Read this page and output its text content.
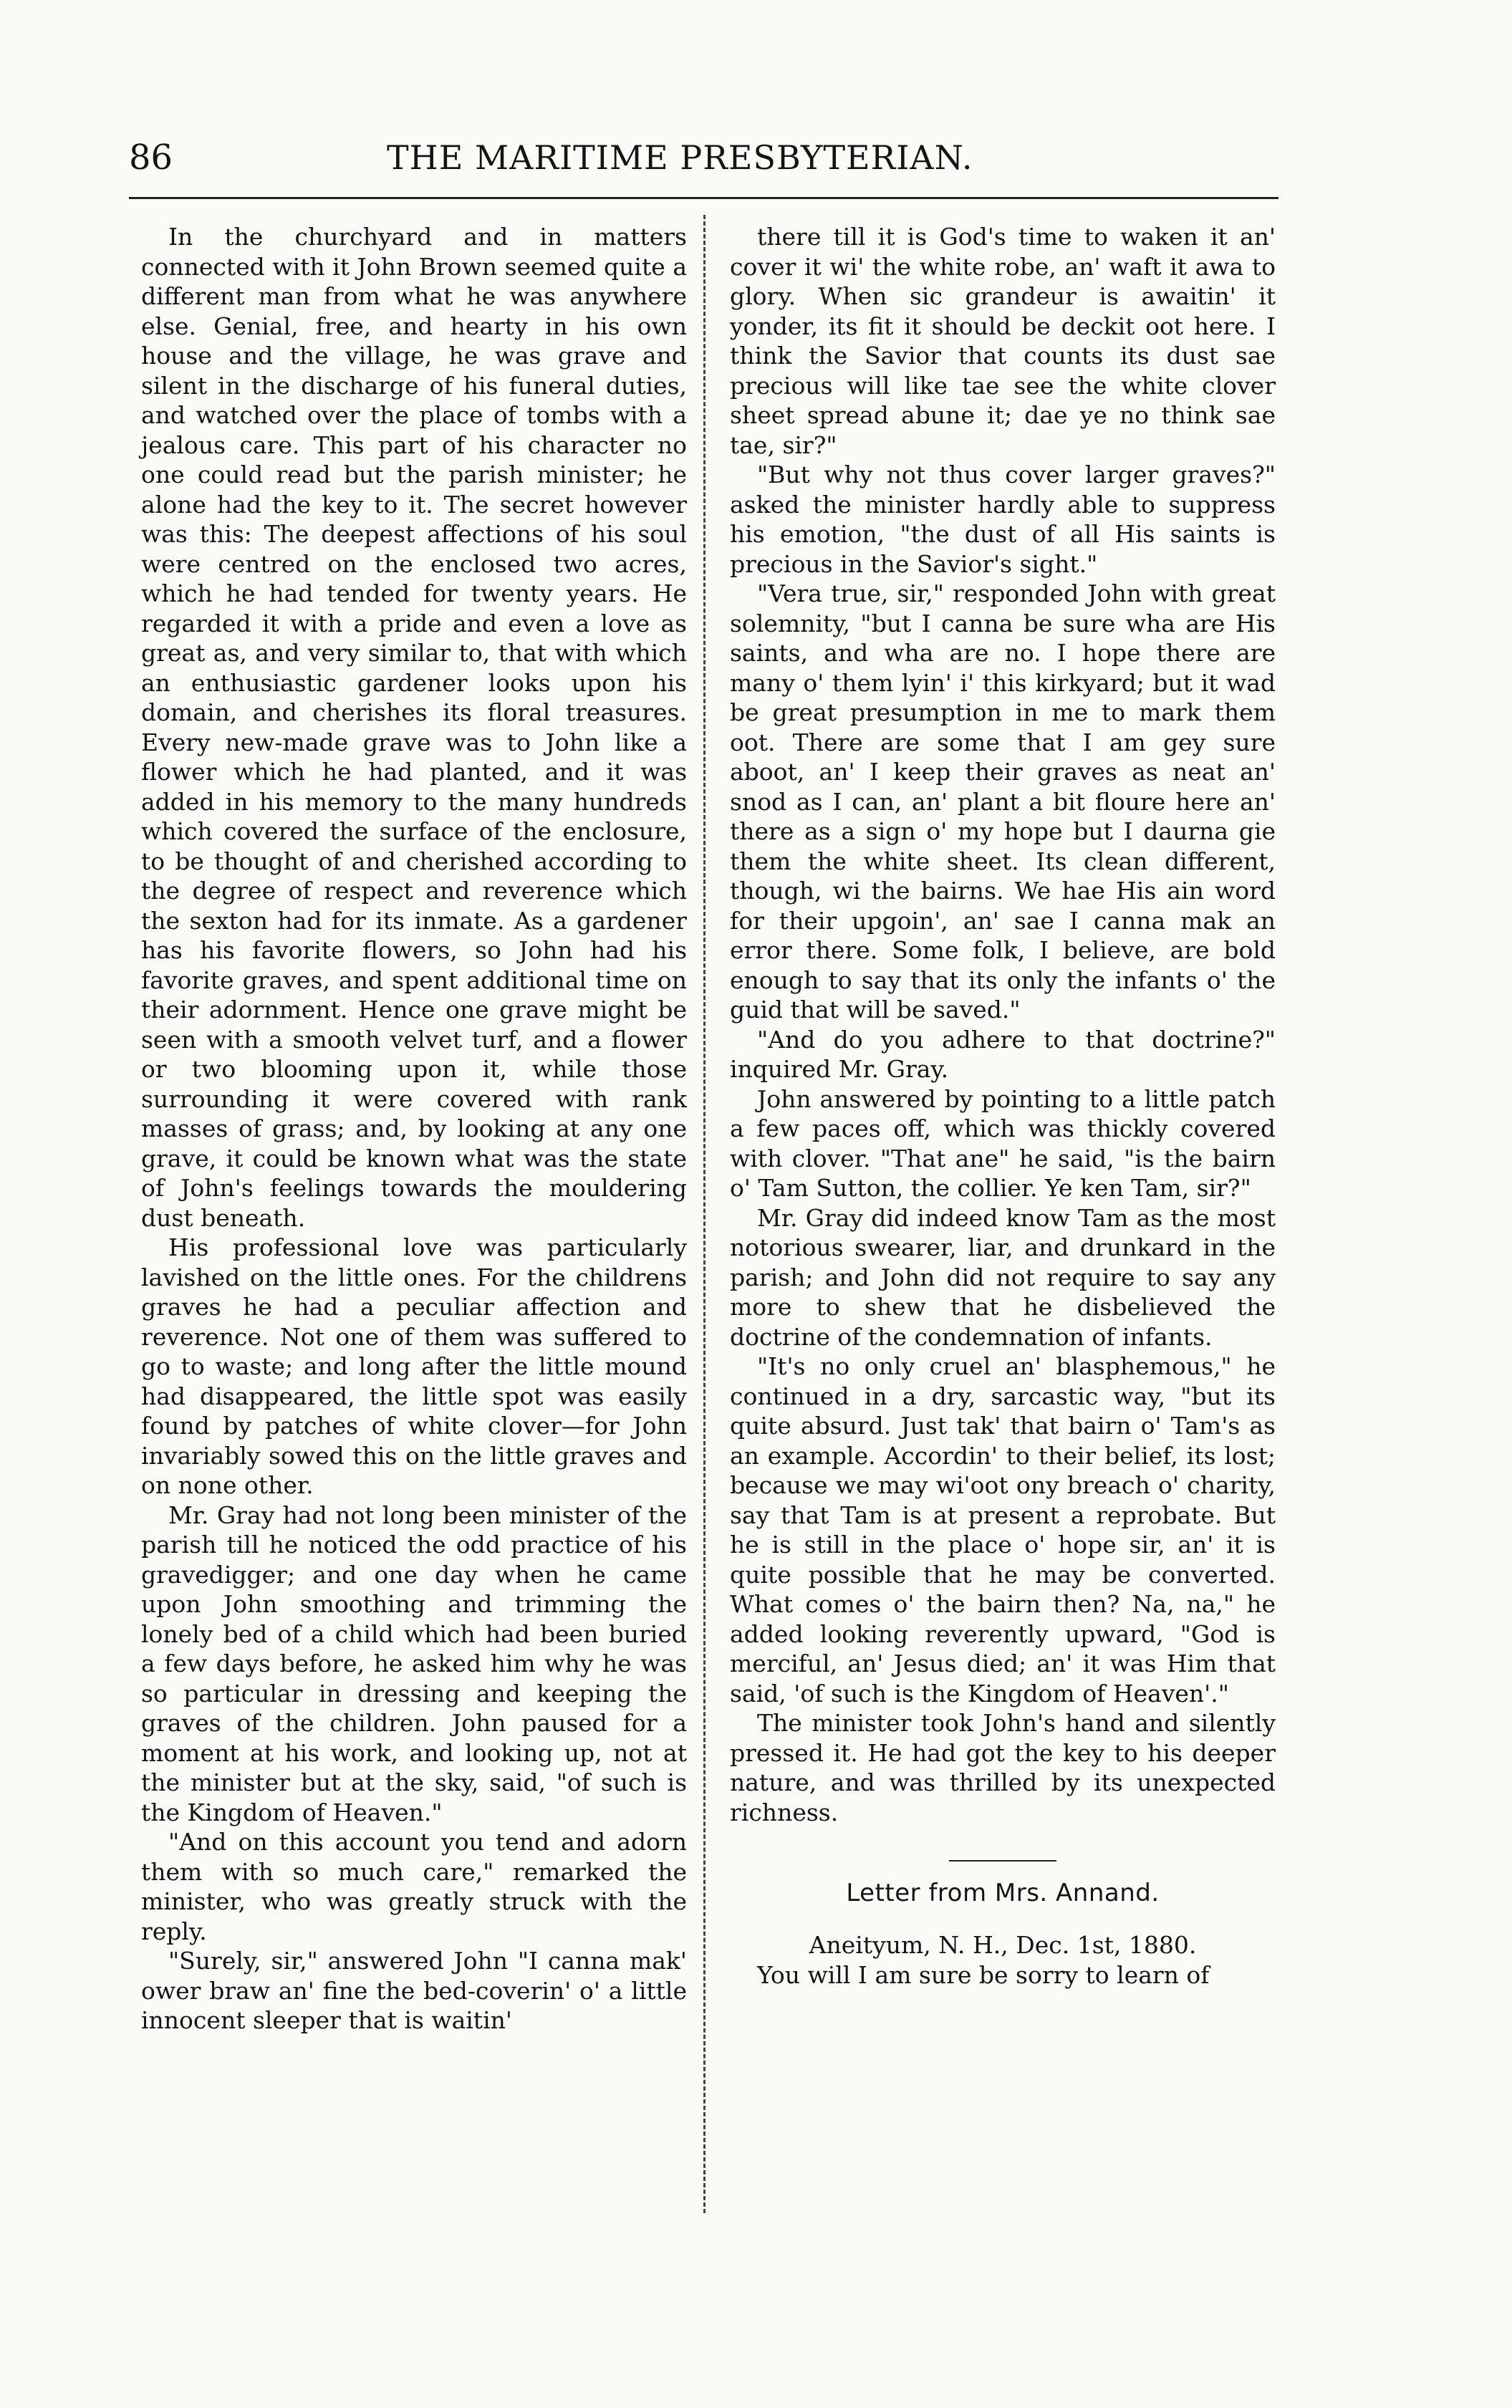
86	THE MARITIME PRESBYTERIAN.

In the churchyard and in matters connected with it John Brown seemed quite a different man from what he was anywhere else. Genial, free, and hearty in his own house and the village, he was grave and silent in the discharge of his funeral duties, and watched over the place of tombs with a jealous care. This part of his character no one could read but the parish minister; he alone had the key to it. The secret however was this: The deepest affections of his soul were centred on the enclosed two acres, which he had tended for twenty years. He regarded it with a pride and even a love as great as, and very similar to, that with which an enthusiastic gardener looks upon his domain, and cherishes its floral treasures. Every new-made grave was to John like a flower which he had planted, and it was added in his memory to the many hundreds which covered the surface of the enclosure, to be thought of and cherished according to the degree of respect and reverence which the sexton had for its inmate. As a gardener has his favorite flowers, so John had his favorite graves, and spent additional time on their adornment. Hence one grave might be seen with a smooth velvet turf, and a flower or two blooming upon it, while those surrounding it were covered with rank masses of grass; and, by looking at any one grave, it could be known what was the state of John's feelings towards the mouldering dust beneath.

His professional love was particularly lavished on the little ones. For the childrens graves he had a peculiar affection and reverence. Not one of them was suffered to go to waste; and long after the little mound had disappeared, the little spot was easily found by patches of white clover—for John invariably sowed this on the little graves and on none other.

Mr. Gray had not long been minister of the parish till he noticed the odd practice of his gravedigger; and one day when he came upon John smoothing and trimming the lonely bed of a child which had been buried a few days before, he asked him why he was so particular in dressing and keeping the graves of the children. John paused for a moment at his work, and looking up, not at the minister but at the sky, said, "of such is the Kingdom of Heaven."

"And on this account you tend and adorn them with so much care," remarked the minister, who was greatly struck with the reply.

"Surely, sir," answered John "I canna mak' ower braw an' fine the bed-coverin' o' a little innocent sleeper that is waitin'

there till it is God's time to waken it an' cover it wi' the white robe, an' waft it awa to glory. When sic grandeur is awaitin' it yonder, its fit it should be deckit oot here. I think the Savior that counts its dust sae precious will like tae see the white clover sheet spread abune it; dae ye no think sae tae, sir?"

"But why not thus cover larger graves?" asked the minister hardly able to suppress his emotion, "the dust of all His saints is precious in the Savior's sight."

"Vera true, sir," responded John with great solemnity, "but I canna be sure wha are His saints, and wha are no. I hope there are many o' them lyin' i' this kirkyard; but it wad be great presumption in me to mark them oot. There are some that I am gey sure aboot, an' I keep their graves as neat an' snod as I can, an' plant a bit floure here an' there as a sign o' my hope but I daurna gie them the white sheet. Its clean different, though, wi the bairns. We hae His ain word for their upgoin', an' sae I canna mak an error there. Some folk, I believe, are bold enough to say that its only the infants o' the guid that will be saved."

"And do you adhere to that doctrine?" inquired Mr. Gray.

John answered by pointing to a little patch a few paces off, which was thickly covered with clover. "That ane" he said, "is the bairn o' Tam Sutton, the collier. Ye ken Tam, sir?"

Mr. Gray did indeed know Tam as the most notorious swearer, liar, and drunkard in the parish; and John did not require to say any more to shew that he disbelieved the doctrine of the condemnation of infants.

"It's no only cruel an' blasphemous," he continued in a dry, sarcastic way, "but its quite absurd. Just tak' that bairn o' Tam's as an example. Accordin' to their belief, its lost; because we may wi'oot ony breach o' charity, say that Tam is at present a reprobate. But he is still in the place o' hope sir, an' it is quite possible that he may be converted. What comes o' the bairn then? Na, na," he added looking reverently upward, "God is merciful, an' Jesus died; an' it was Him that said, 'of such is the Kingdom of Heaven'."

The minister took John's hand and silently pressed it. He had got the key to his deeper nature, and was thrilled by its unexpected richness.

Letter from Mrs. Annand.

Aneityum, N. H., Dec. 1st, 1880.

You will I am sure be sorry to learn of
